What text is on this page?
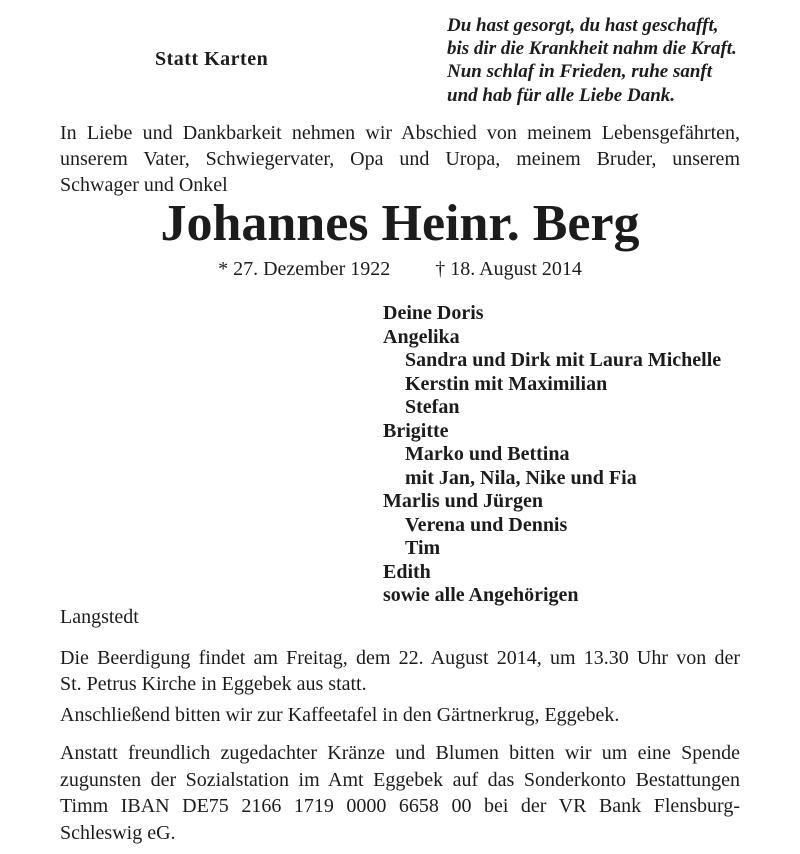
Statt Karten
Du hast gesorgt, du hast geschafft,
bis dir die Krankheit nahm die Kraft.
Nun schlaf in Frieden, ruhe sanft
und hab für alle Liebe Dank.
In Liebe und Dankbarkeit nehmen wir Abschied von meinem Lebensgefährten,
unserem Vater, Schwiegervater, Opa und Uropa, meinem Bruder, unserem
Schwager und Onkel
Johannes Heinr. Berg
* 27. Dezember 1922 † 18. August 2014
Deine Doris
Angelika
Sandra und Dirk mit Laura Michelle
Kerstin mit Maximilian
Stefan
Brigitte
Marko und Bettina
mit Jan, Nila, Nike und Fia
Marlis und Jürgen
Verena und Dennis
Tim
Edith
sowie alle Angehörigen
Langstedt
Die Beerdigung findet am Freitag, dem 22. August 2014, um 13.30 Uhr von der
St. Petrus Kirche in Eggebek aus statt.
Anschließend bitten wir zur Kaffeetafel in den Gärtnerkrug, Eggebek.
Anstatt freundlich zugedachter Kränze und Blumen bitten wir um eine Spende
zugunsten der Sozialstation im Amt Eggebek auf das Sonderkonto Bestattungen
Timm IBAN DE75 2166 1719 0000 6658 00 bei der VR Bank Flensburg-
Schleswig eG.
